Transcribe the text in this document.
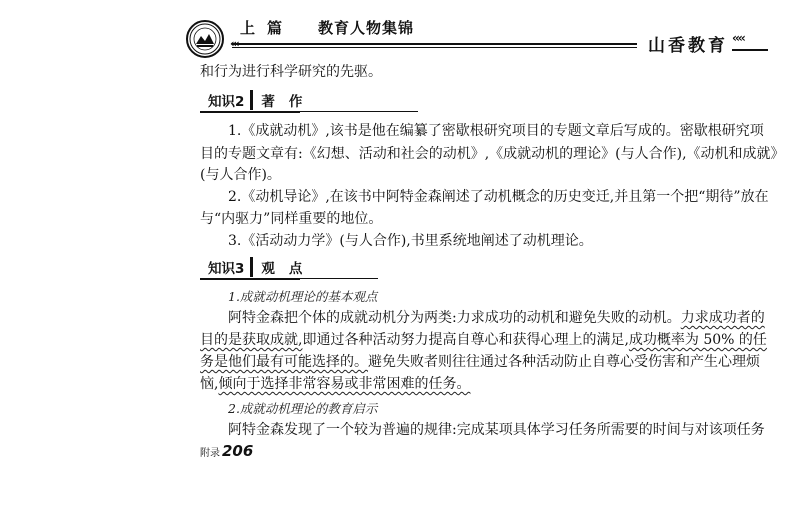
上篇 教育人物集锦
‹‹‹	山香教育 ‹‹‹‹
和行为进行科学研究的先驱。
知识2 著作
1.《成就动机》,该书是他在编纂了密歇根研究项目的专题文章后写成的。密歇根研究项
目的专题文章有:《幻想、活动和社会的动机》,《成就动机的理论》(与人合作),《动机和成就》
(与人合作)。
2.《动机导论》,在该书中阿特金森阐述了动机概念的历史变迁,并且第一个把“期待”放在
与“内驱力”同样重要的地位。
3.《活动动力学》(与人合作),书里系统地阐述了动机理论。
知识3 观点
1.成就动机理论的基本观点
阿特金森把个体的成就动机分为两类:力求成功的动机和避免失败的动机。力求成功者的
目的是获取成就,即通过各种活动努力提高自尊心和获得心理上的满足,成功概率为 50% 的任
务是他们最有可能选择的。避免失败者则往往通过各种活动防止自尊心受伤害和产生心理烦
恼,倾向于选择非常容易或非常困难的任务。
2.成就动机理论的教育启示
阿特金森发现了一个较为普遍的规律:完成某项具体学习任务所需要的时间与对该项任务
附录 206
